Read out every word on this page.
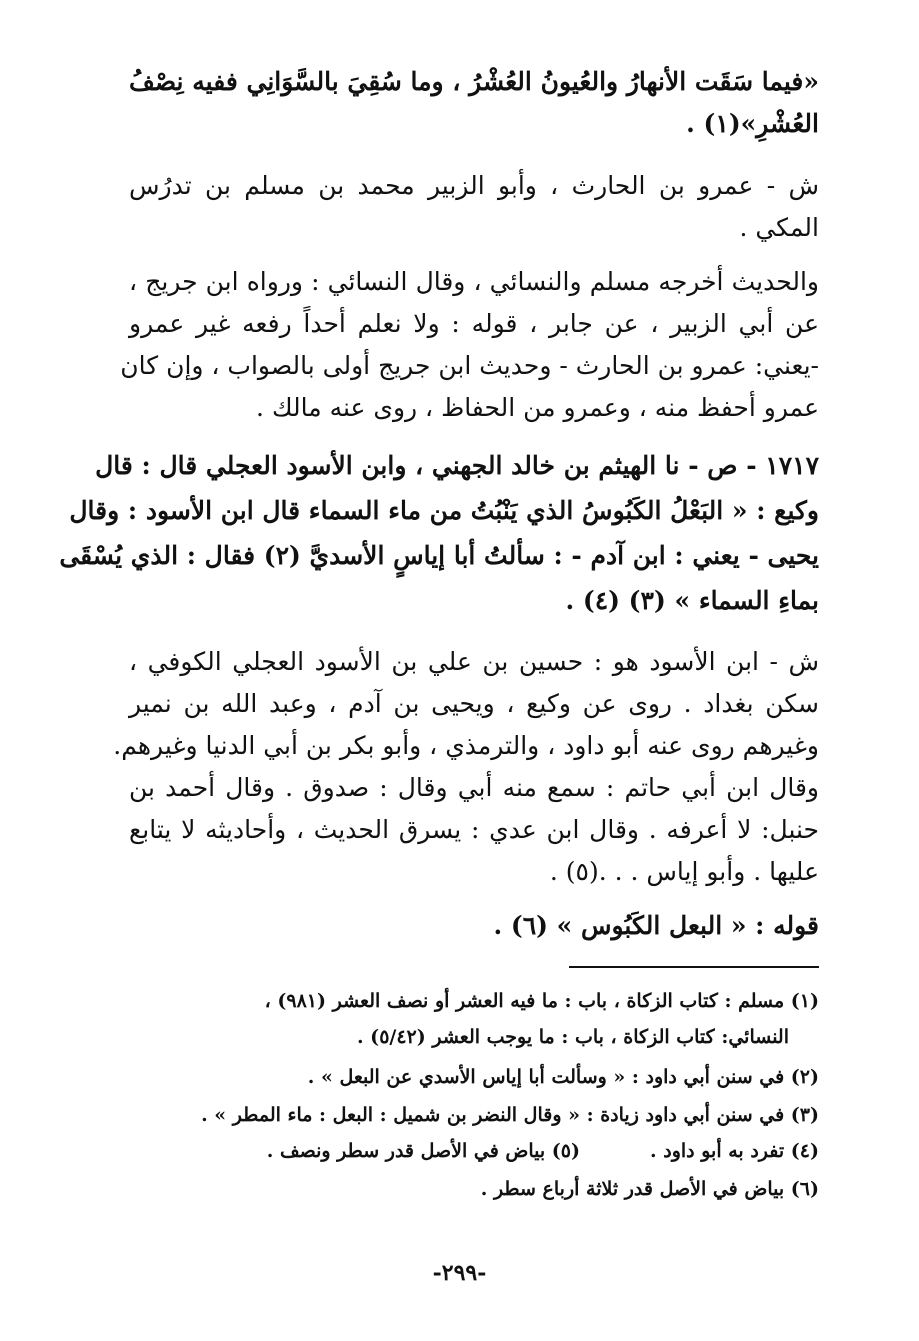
«فيما سَقَت الأنهارُ والعُيونُ العُشْرُ ، وما سُقِيَ بالسَّوَانِي ففيه نِصْفُ
العُشْرِ»(١) .
ش - عمرو بن الحارث ، وأبو الزبير محمد بن مسلم بن تدرُس
المكي .
والحديث أخرجه مسلم والنسائي ، وقال النسائي : ورواه ابن جريج ،
عن أبي الزبير ، عن جابر ، قوله : ولا نعلم أحداً رفعه غير عمرو
-يعني: عمرو بن الحارث - وحديث ابن جريج أولى بالصواب ، وإن كان
عمرو أحفظ منه ، وعمرو من الحفاظ ، روى عنه مالك .
١٧١٧ - ص - نا الهيثم بن خالد الجهني ، وابن الأسود العجلي قال : قال
وكيع : « البَعْلُ الكَبُوسُ الذي يَنْبُتُ من ماء السماء قال ابن الأسود : وقال
يحيى - يعني : ابن آدم - : سألتُ أبا إياسٍ الأسديَّ (٢) فقال : الذي يُسْقَى
بماءِ السماء » (٣) (٤) .
ش - ابن الأسود هو : حسين بن علي بن الأسود العجلي الكوفي ،
سكن بغداد . روى عن وكيع ، ويحيى بن آدم ، وعبد الله بن نمير
وغيرهم روى عنه أبو داود ، والترمذي ، وأبو بكر بن أبي الدنيا وغيرهم.
وقال ابن أبي حاتم : سمع منه أبي وقال : صدوق . وقال أحمد بن
حنبل: لا أعرفه . وقال ابن عدي : يسرق الحديث ، وأحاديثه لا يتابع
عليها . وأبو إياس . . .(٥) .
قوله : « البعل الكَبُوس » (٦) .
(١) مسلم : كتاب الزكاة ، باب : ما فيه العشر أو نصف العشر (٩٨١) ،
النسائي: كتاب الزكاة ، باب : ما يوجب العشر (٥/٤٢) .
(٢) في سنن أبي داود : « وسألت أبا إياس الأسدي عن البعل » .
(٣) في سنن أبي داود زيادة : « وقال النضر بن شميل : البعل : ماء المطر » .
(٤) تفرد به أبو داود .(٥) بياض في الأصل قدر سطر ونصف .
(٦) بياض في الأصل قدر ثلاثة أرباع سطر .
-٢٩٩-
